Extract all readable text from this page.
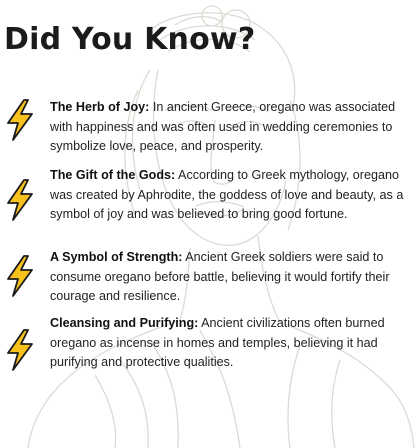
Did You Know?

The Herb of Joy: In ancient Greece, oregano was associated with happiness and was often used in wedding ceremonies to symbolize love, peace, and prosperity.

The Gift of the Gods: According to Greek mythology, oregano was created by Aphrodite, the goddess of love and beauty, as a symbol of joy and was believed to bring good fortune.

A Symbol of Strength: Ancient Greek soldiers were said to consume oregano before battle, believing it would fortify their courage and resilience.

Cleansing and Purifying: Ancient civilizations often burned oregano as incense in homes and temples, believing it had purifying and protective qualities.
